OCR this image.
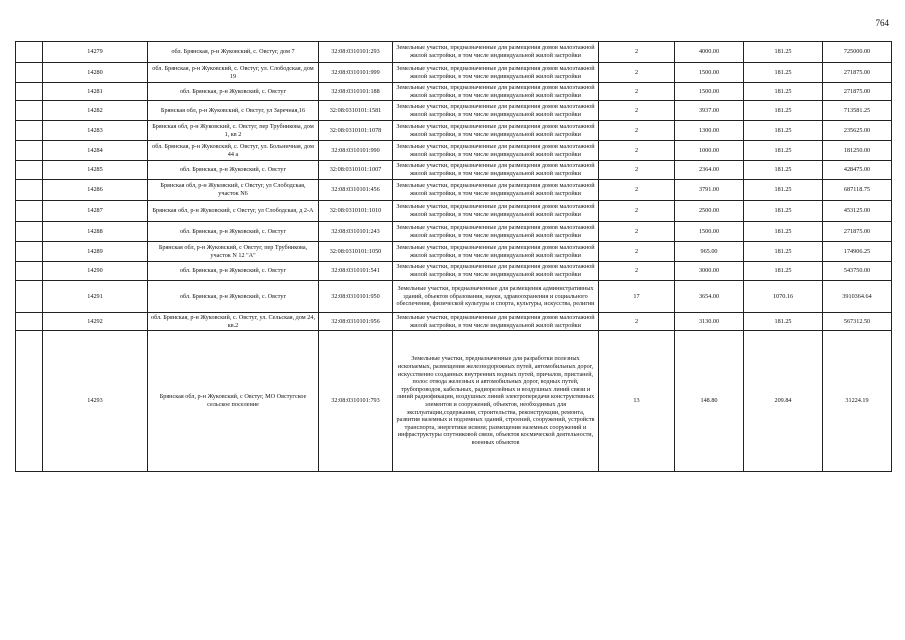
764
	14279	обл. Брянская, р-н Жуковский, с. Овстуг, дом 7	32:08:0310101:293	Земельные участки, предназначенные для размещения домов малоэтажной жилой застройки, в том числе индивидуальной жилой застройки	2	4000.00	181.25	725000.00
	14280	обл. Брянская, р-н Жуковский, с. Овстуг, ул. Слободская, дом 19	32:08:0310101:999	Земельные участки, предназначенные для размещения домов малоэтажной жилой застройки, в том числе индивидуальной жилой застройки	2	1500.00	181.25	271875.00
	14281	обл. Брянская, р-н Жуковский, с. Овстуг	32:08:0310101:188	Земельные участки, предназначенные для размещения домов малоэтажной жилой застройки, в том числе индивидуальной жилой застройки	2	1500.00	181.25	271875.00
	14282	Брянская обл, р-н Жуковский, с Овстуг, ул Заречная,16	32:08:0310101:1581	Земельные участки, предназначенные для размещения домов малоэтажной жилой застройки, в том числе индивидуальной жилой застройки	2	3937.00	181.25	713581.25
	14283	Брянская обл, р-н Жуковский, с. Овстуг, пер Трубникова, дом 1, кв 2	32:08:0310101:1078	Земельные участки, предназначенные для размещения домов малоэтажной жилой застройки, в том числе индивидуальной жилой застройки	2	1300.00	181.25	235625.00
	14284	обл. Брянская, р-н Жуковский, с. Овстуг, ул. Больничная, дом 44 а	32:08:0310101:990	Земельные участки, предназначенные для размещения домов малоэтажной жилой застройки, в том числе индивидуальной жилой застройки	2	1000.00	181.25	181250.00
	14285	обл. Брянская, р-н Жуковский, с. Овстуг	32:08:0310101:1007	Земельные участки, предназначенные для размещения домов малоэтажной жилой застройки, в том числе индивидуальной жилой застройки	2	2364.00	181.25	428475.00
	14286	Брянская обл, р-н Жуковский, с Овстуг, ул Слободская, участок N6	32:08:0310101:456	Земельные участки, предназначенные для размещения домов малоэтажной жилой застройки, в том числе индивидуальной жилой застройки	2	3791.00	181.25	687118.75
	14287	Брянская обл, р-н Жуковский, с Овстуг, ул Слободская, д 2-А	32:08:0310101:1010	Земельные участки, предназначенные для размещения домов малоэтажной жилой застройки, в том числе индивидуальной жилой застройки	2	2500.00	181.25	453125.00
	14288	обл. Брянская, р-н Жуковский, с. Овстуг	32:08:0310101:243	Земельные участки, предназначенные для размещения домов малоэтажной жилой застройки, в том числе индивидуальной жилой застройки	2	1500.00	181.25	271875.00
	14289	Брянская обл, р-н Жуковский, с Овстуг, пер Трубникова, участок N 12 "А"	32:08:0310101:1050	Земельные участки, предназначенные для размещения домов малоэтажной жилой застройки, в том числе индивидуальной жилой застройки	2	965.00	181.25	174906.25
	14290	обл. Брянская, р-н Жуковский, с. Овстуг	32:08:0310101:541	Земельные участки, предназначенные для размещения домов малоэтажной жилой застройки, в том числе индивидуальной жилой застройки	2	3000.00	181.25	543750.00
	14291	обл. Брянская, р-н Жуковский, с. Овстуг	32:08:0310101:950	Земельные участки, предназначенные для размещения административных зданий, объектов образования, науки, здравоохранения и социального обеспечения, физической культуры и спорта, культуры, искусства, религии	17	3654.00	1070.16	3910364.64
	14292	обл. Брянская, р-н Жуковский, с. Овстуг, ул. Сельская, дом 24, кв.2	32:08:0310101:956	Земельные участки, предназначенные для размещения домов малоэтажной жилой застройки, в том числе индивидуальной жилой застройки	2	3130.00	181.25	567312.50
	14293	Брянская обл, р-н Жуковский, с Овстуг, МО Овстугское сельское поселение	32:08:0310101:793	Земельные участки, предназначенные для разработки полезных ископаемых, размещения железнодорожных путей, автомобильных дорог, искусственно созданных внутренних водных путей, причалов, пристаней, полос отвода железных и автомобильных дорог, водных путей, трубопроводов, кабельных, радиорелейных и воздушных линий связи и линий радиофикации, воздушных линий электропередачи конструктивных элементов и сооружений, объектов, необходимых для эксплуатации,содержания, строительства, реконструкции, ремонта, развития наземных и подземных зданий, строений, сооружений, устройств транспорта, энергетики исвязи; размещения наземных сооружений и инфраструктуры спутниковой связи, объектов космической деятельности, военных объектов	13	148.80	209.84	31224.19
